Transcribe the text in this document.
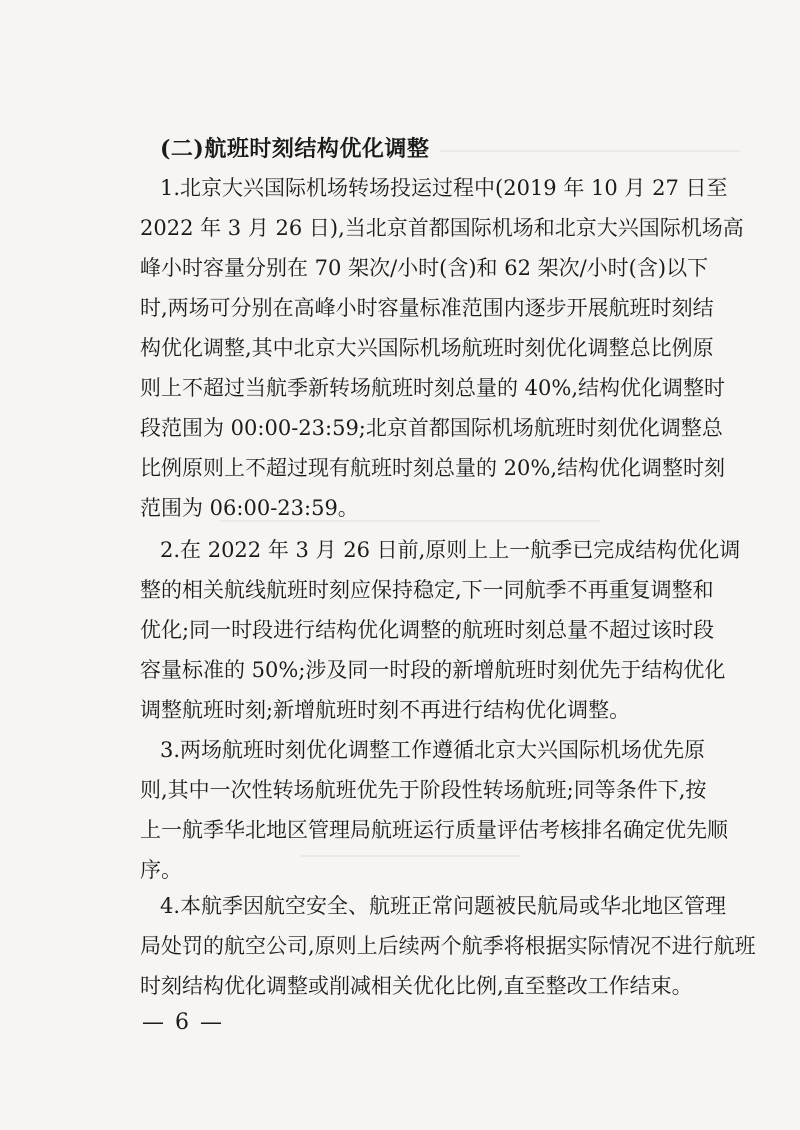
(二)航班时刻结构优化调整
1.北京大兴国际机场转场投运过程中(2019 年 10 月 27 日至
2022 年 3 月 26 日),当北京首都国际机场和北京大兴国际机场高
峰小时容量分别在 70 架次/小时(含)和 62 架次/小时(含)以下
时,两场可分别在高峰小时容量标准范围内逐步开展航班时刻结
构优化调整,其中北京大兴国际机场航班时刻优化调整总比例原
则上不超过当航季新转场航班时刻总量的 40%,结构优化调整时
段范围为 00:00-23:59;北京首都国际机场航班时刻优化调整总
比例原则上不超过现有航班时刻总量的 20%,结构优化调整时刻
范围为 06:00-23:59。
2.在 2022 年 3 月 26 日前,原则上上一航季已完成结构优化调
整的相关航线航班时刻应保持稳定,下一同航季不再重复调整和
优化;同一时段进行结构优化调整的航班时刻总量不超过该时段
容量标准的 50%;涉及同一时段的新增航班时刻优先于结构优化
调整航班时刻;新增航班时刻不再进行结构优化调整。
3.两场航班时刻优化调整工作遵循北京大兴国际机场优先原
则,其中一次性转场航班优先于阶段性转场航班;同等条件下,按
上一航季华北地区管理局航班运行质量评估考核排名确定优先顺
序。
4.本航季因航空安全、航班正常问题被民航局或华北地区管理
局处罚的航空公司,原则上后续两个航季将根据实际情况不进行航班
时刻结构优化调整或削减相关优化比例,直至整改工作结束。
— 6 —
